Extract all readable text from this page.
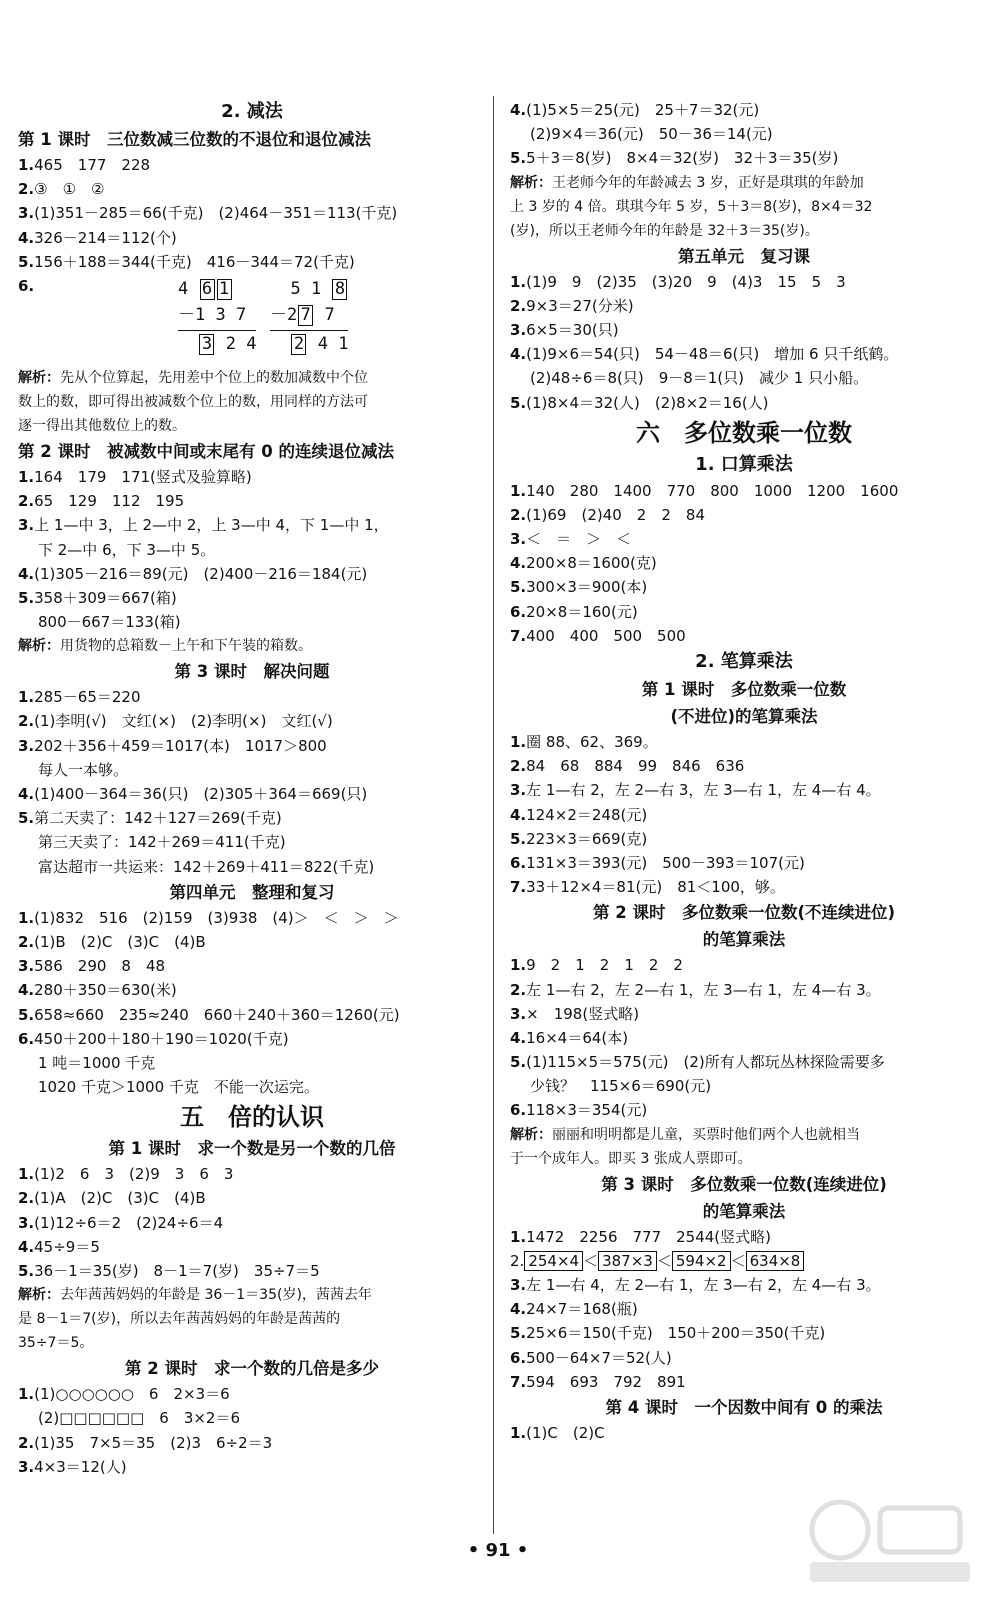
2. 减法
第 1 课时　三位数减三位数的不退位和退位减法
1.465　177　228
2.③　①　②
3.(1)351－285＝66(千克)　(2)464－351＝113(千克)
4.326－214＝112(个)
5.156＋188＝344(千克)　416－344＝72(千克)
6.	4 6 1
－1 3 7
3 2 4
5 1 8
－2 7 7
2 4 1
解析：先从个位算起，先用差中个位上的数加减数中个位
数上的数，即可得出被减数个位上的数，用同样的方法可
逐一得出其他数位上的数。
第 2 课时　被减数中间或末尾有 0 的连续退位减法
1.164　179　171(竖式及验算略)
2.65　129　112　195
3.上 1—中 3，上 2—中 2，上 3—中 4，下 1—中 1，
下 2—中 6，下 3—中 5。
4.(1)305－216＝89(元)　(2)400－216＝184(元)
5.358＋309＝667(箱)
800－667＝133(箱)
解析：用货物的总箱数－上午和下午装的箱数。
第 3 课时　解决问题
1.285－65＝220
2.(1)李明(√)　文红(×)　(2)李明(×)　文红(√)
3.202＋356＋459＝1017(本)　1017＞800
每人一本够。
4.(1)400－364＝36(只)　(2)305＋364＝669(只)
5.第二天卖了：142＋127＝269(千克)
第三天卖了：142＋269＝411(千克)
富达超市一共运来：142＋269＋411＝822(千克)
第四单元　整理和复习
1.(1)832　516　(2)159　(3)938　(4)＞　＜　＞　＞
2.(1)B　(2)C　(3)C　(4)B
3.586　290　8　48
4.280＋350＝630(米)
5.658≈660　235≈240　660＋240＋360＝1260(元)
6.450＋200＋180＋190＝1020(千克)
1 吨＝1000 千克
1020 千克＞1000 千克　不能一次运完。
五　倍的认识
第 1 课时　求一个数是另一个数的几倍
1.(1)2　6　3　(2)9　3　6　3
2.(1)A　(2)C　(3)C　(4)B
3.(1)12÷6＝2　(2)24÷6＝4
4.45÷9＝5
5.36－1＝35(岁)　8－1＝7(岁)　35÷7＝5
解析：去年茜茜妈妈的年龄是 36－1＝35(岁)，茜茜去年
是 8－1＝7(岁)，所以去年茜茜妈妈的年龄是茜茜的
35÷7＝5。
第 2 课时　求一个数的几倍是多少
1.(1)○○○○○○　6　2×3＝6
(2)□□□□□□　6　3×2＝6
2.(1)35　7×5＝35　(2)3　6÷2＝3
3.4×3＝12(人)
4.(1)5×5＝25(元)　25＋7＝32(元)
(2)9×4＝36(元)　50－36＝14(元)
5.5＋3＝8(岁)　8×4＝32(岁)　32＋3＝35(岁)
解析：王老师今年的年龄减去 3 岁，正好是琪琪的年龄加
上 3 岁的 4 倍。琪琪今年 5 岁，5＋3＝8(岁)，8×4＝32
(岁)，所以王老师今年的年龄是 32＋3＝35(岁)。
第五单元　复习课
1.(1)9　9　(2)35　(3)20　9　(4)3　15　5　3
2.9×3＝27(分米)
3.6×5＝30(只)
4.(1)9×6＝54(只)　54－48＝6(只)　增加 6 只千纸鹤。
(2)48÷6＝8(只)　9－8＝1(只)　减少 1 只小船。
5.(1)8×4＝32(人)　(2)8×2＝16(人)
六　多位数乘一位数
1. 口算乘法
1.140　280　1400　770　800　1000　1200　1600
2.(1)69　(2)40　2　2　84
3.＜　＝　＞　＜
4.200×8＝1600(克)
5.300×3＝900(本)
6.20×8＝160(元)
7.400　400　500　500
2. 笔算乘法
第 1 课时　多位数乘一位数
(不进位)的笔算乘法
1.圈 88、62、369。
2.84　68　884　99　846　636
3.左 1—右 2，左 2—右 3，左 3—右 1，左 4—右 4。
4.124×2＝248(元)
5.223×3＝669(克)
6.131×3＝393(元)　500－393＝107(元)
7.33＋12×4＝81(元)　81＜100，够。
第 2 课时　多位数乘一位数(不连续进位)
的笔算乘法
1.9　2　1　2　1　2　2
2.左 1—右 2，左 2—右 1，左 3—右 1，左 4—右 3。
3.×　198(竖式略)
4.16×4＝64(本)
5.(1)115×5＝575(元)　(2)所有人都玩丛林探险需要多
少钱？　115×6＝690(元)
6.118×3＝354(元)
解析：丽丽和明明都是儿童，买票时他们两个人也就相当
于一个成年人。即买 3 张成人票即可。
第 3 课时　多位数乘一位数(连续进位)
的笔算乘法
1.1472　2256　777　2544(竖式略)
2. 254×4 ＜ 387×3 ＜ 594×2 ＜ 634×8
3.左 1—右 4，左 2—右 1，左 3—右 2，左 4—右 3。
4.24×7＝168(瓶)
5.25×6＝150(千克)　150＋200＝350(千克)
6.500－64×7＝52(人)
7.594　693　792　891
第 4 课时　一个因数中间有 0 的乘法
1.(1)C　(2)C
• 91 •
